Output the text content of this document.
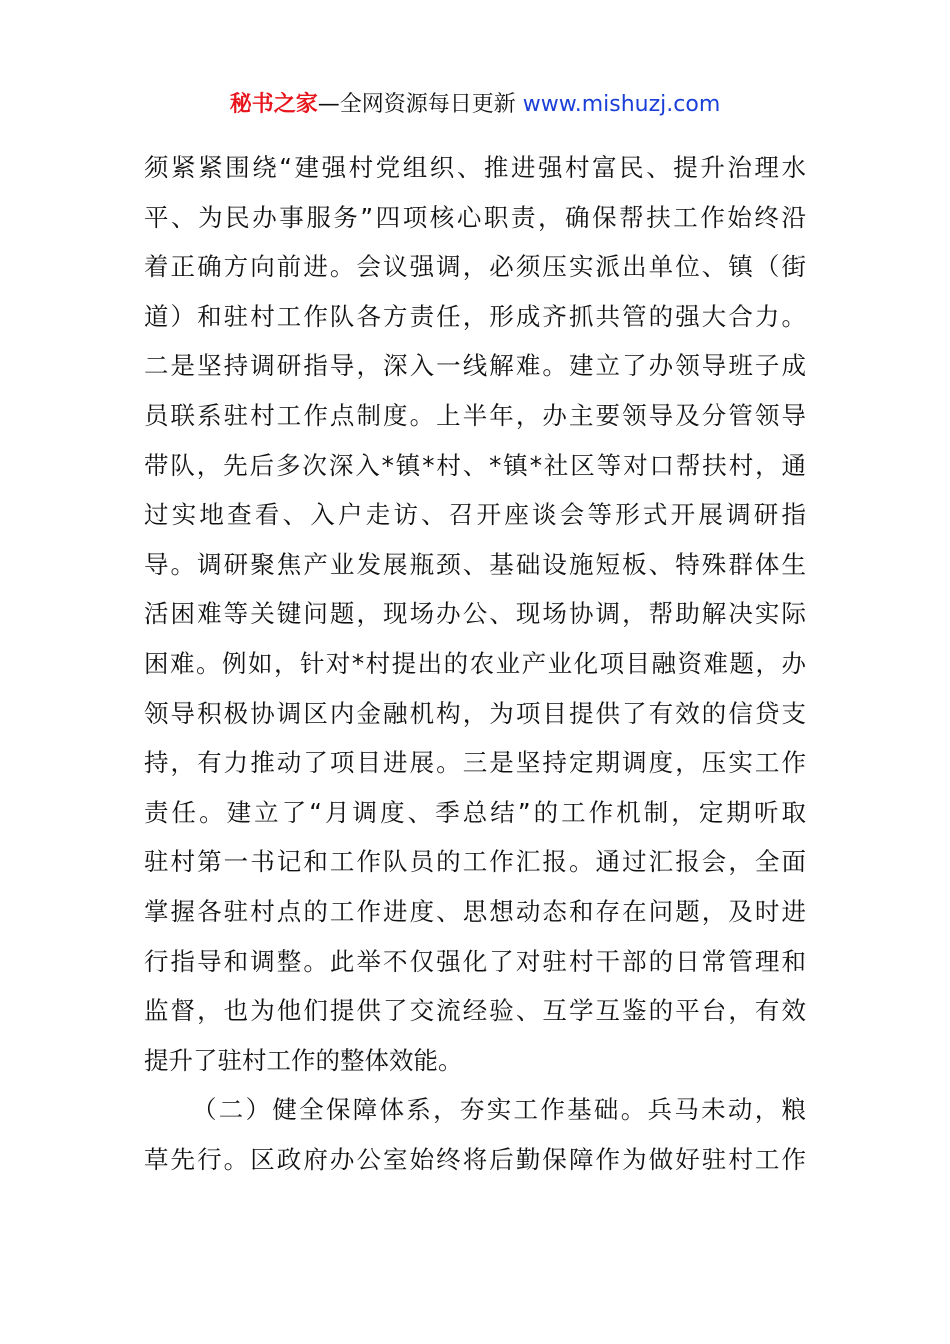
秘书之家—全网资源每日更新 www.mishuzj.com
须紧紧围绕“建强村党组织、推进强村富民、提升治理水
平、为民办事服务”四项核心职责，确保帮扶工作始终沿
着正确方向前进。会议强调，必须压实派出单位、镇（街
道）和驻村工作队各方责任，形成齐抓共管的强大合力。
二是坚持调研指导，深入一线解难。建立了办领导班子成
员联系驻村工作点制度。上半年，办主要领导及分管领导
带队，先后多次深入*镇*村、*镇*社区等对口帮扶村，通
过实地查看、入户走访、召开座谈会等形式开展调研指
导。调研聚焦产业发展瓶颈、基础设施短板、特殊群体生
活困难等关键问题，现场办公、现场协调，帮助解决实际
困难。例如，针对*村提出的农业产业化项目融资难题，办
领导积极协调区内金融机构，为项目提供了有效的信贷支
持，有力推动了项目进展。三是坚持定期调度，压实工作
责任。建立了“月调度、季总结”的工作机制，定期听取
驻村第一书记和工作队员的工作汇报。通过汇报会，全面
掌握各驻村点的工作进度、思想动态和存在问题，及时进
行指导和调整。此举不仅强化了对驻村干部的日常管理和
监督，也为他们提供了交流经验、互学互鉴的平台，有效
提升了驻村工作的整体效能。
（二）健全保障体系，夯实工作基础。兵马未动，粮
草先行。区政府办公室始终将后勤保障作为做好驻村工作
